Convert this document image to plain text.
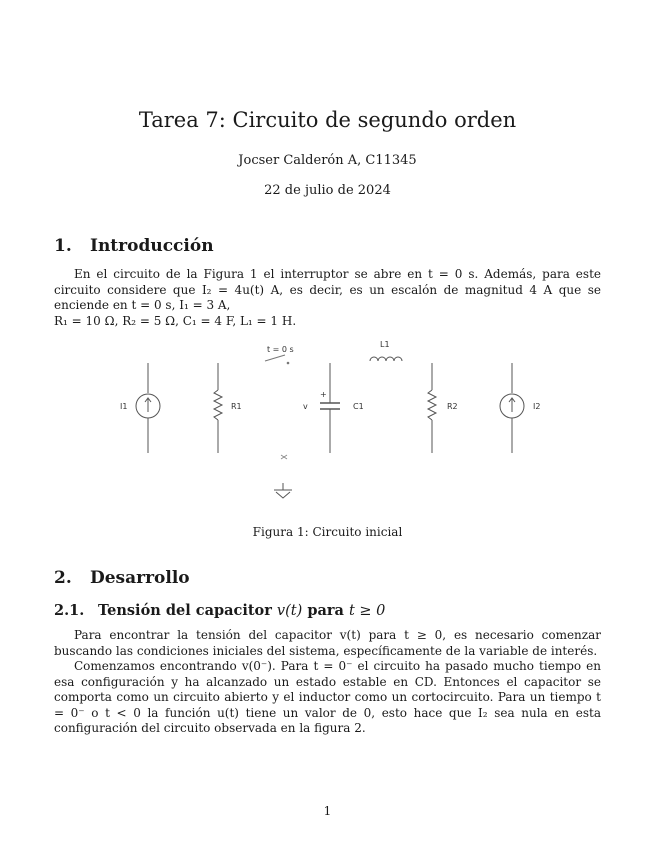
Tarea 7: Circuito de segundo orden
Jocser Calderón A, C11345
22 de julio de 2024
1. Introducción

En el circuito de la Figura 1 el interruptor se abre en t = 0 s. Además, para este circuito considere que I₂ = 4u(t) A, es decir, es un escalón de magnitud 4 A que se enciende en t = 0 s, I₁ = 3 A,
R₁ = 10 Ω, R₂ = 5 Ω, C₁ = 4 F, L₁ = 1 H.

I1	R1
t = 0 s
+
v	C1
L1
R2	I2
Figura 1: Circuito inicial
2. Desarrollo
2.1. Tensión del capacitor v(t) para t ≥ 0

Para encontrar la tensión del capacitor v(t) para t ≥ 0, es necesario comenzar buscando las condiciones iniciales del sistema, específicamente de la variable de interés.

Comenzamos encontrando v(0⁻). Para t = 0⁻ el circuito ha pasado mucho tiempo en esa configuración y ha alcanzado un estado estable en CD. Entonces el capacitor se comporta como un circuito abierto y el inductor como un cortocircuito. Para un tiempo t = 0⁻ o t < 0 la función u(t) tiene un valor de 0, esto hace que I₂ sea nula en esta configuración del circuito observada en la figura 2.

1
